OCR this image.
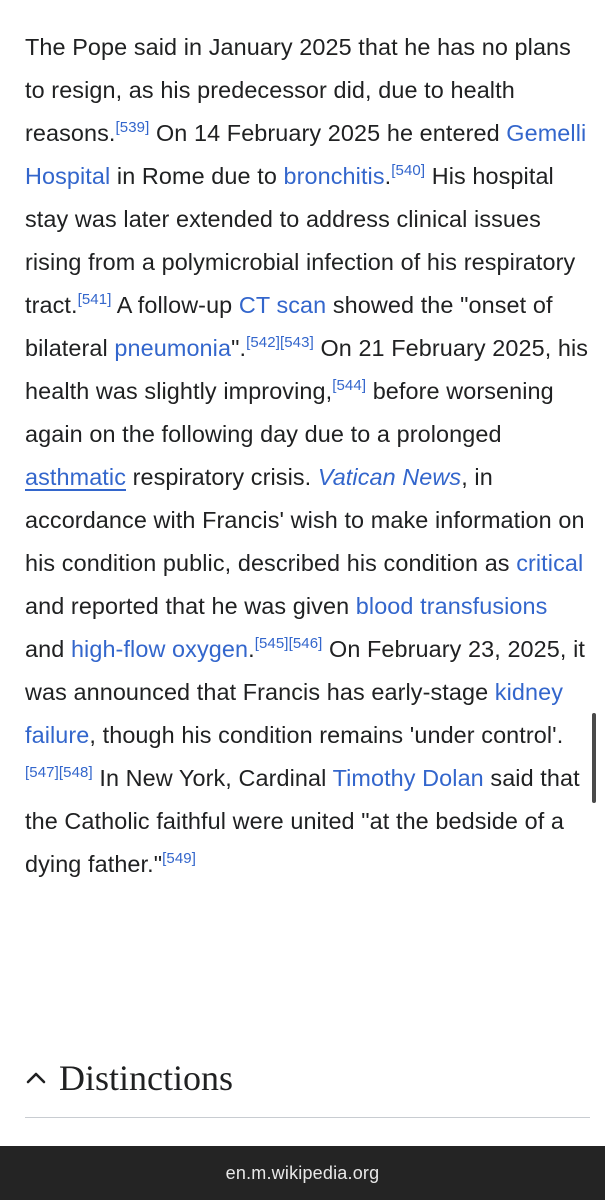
The Pope said in January 2025 that he has no plans to resign, as his predecessor did, due to health reasons.[539] On 14 February 2025 he entered Gemelli Hospital in Rome due to bronchitis.[540] His hospital stay was later extended to address clinical issues rising from a polymicrobial infection of his respiratory tract.[541] A follow-up CT scan showed the "onset of bilateral pneumonia".[542][543] On 21 February 2025, his health was slightly improving,[544] before worsening again on the following day due to a prolonged asthmatic respiratory crisis. Vatican News, in accordance with Francis' wish to make information on his condition public, described his condition as critical and reported that he was given blood transfusions and high-flow oxygen.[545][546] On February 23, 2025, it was announced that Francis has early-stage kidney failure, though his condition remains 'under control'.[547][548] In New York, Cardinal Timothy Dolan said that the Catholic faithful were united "at the bedside of a dying father."[549]

Distinctions
en.m.wikipedia.org
